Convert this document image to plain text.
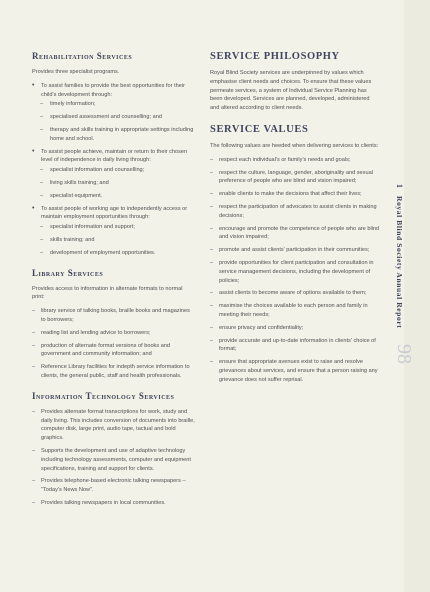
Rehabilitation Services
Provides three specialist programs.
• To assist families to provide the best opportunities for their child's development through:
– timely information;
– specialised assessment and counselling; and
– therapy and skills training in appropriate settings including home and school.
• To assist people achieve, maintain or return to their chosen level of independence in daily living through:
– specialist information and counselling;
– living skills training; and
– specialist equipment.
• To assist people of working age to independently access or maintain employment opportunities through:
– specialist information and support;
– skills training; and
– development of employment opportunities.
Library Services
Provides access to information in alternate formats to normal print:
– library service of talking books, braille books and magazines to borrowers;
– reading list and lending advice to borrowers;
– production of alternate format versions of books and government and community information; and
– Reference Library facilities for indepth service information to clients, the general public, staff and health professionals.
Information Technology Services
– Provides alternate format transcriptions for work, study and daily living. This includes conversion of documents into braille, computer disk, large print, audio tape, tactual and bold graphics.
– Supports the development and use of adaptive technology including technology assessments, computer and equipment specifications, training and support for clients.
– Provides telephone-based electronic talking newspapers – "Today's News Now".
– Provides talking newspapers in local communities.
SERVICE PHILOSOPHY
Royal Blind Society services are underpinned by values which emphasise client needs and choices. To ensure that these values permeate services, a system of Individual Service Planning has been developed. Services are planned, developed, administered and altered according to client needs.
SERVICE VALUES
The following values are heeded when delivering services to clients:
– respect each individual's or family's needs and goals;
– respect the culture, language, gender, aboriginality and sexual preference of people who are blind and vision impaired;
– enable clients to make the decisions that affect their lives;
– respect the participation of advocates to assist clients in making decisions;
– encourage and promote the competence of people who are blind and vision impaired;
– promote and assist clients' participation in their communities;
– provide opportunities for client participation and consultation in service management decisions, including the development of policies;
– assist clients to become aware of options available to them;
– maximise the choices available to each person and family in meeting their needs;
– ensure privacy and confidentiality;
– provide accurate and up-to-date information in clients' choice of format;
– ensure that appropriate avenues exist to raise and resolve grievances about services, and ensure that a person raising any grievance does not suffer reprisal.
1   Royal Blind Society Annual Report
98
